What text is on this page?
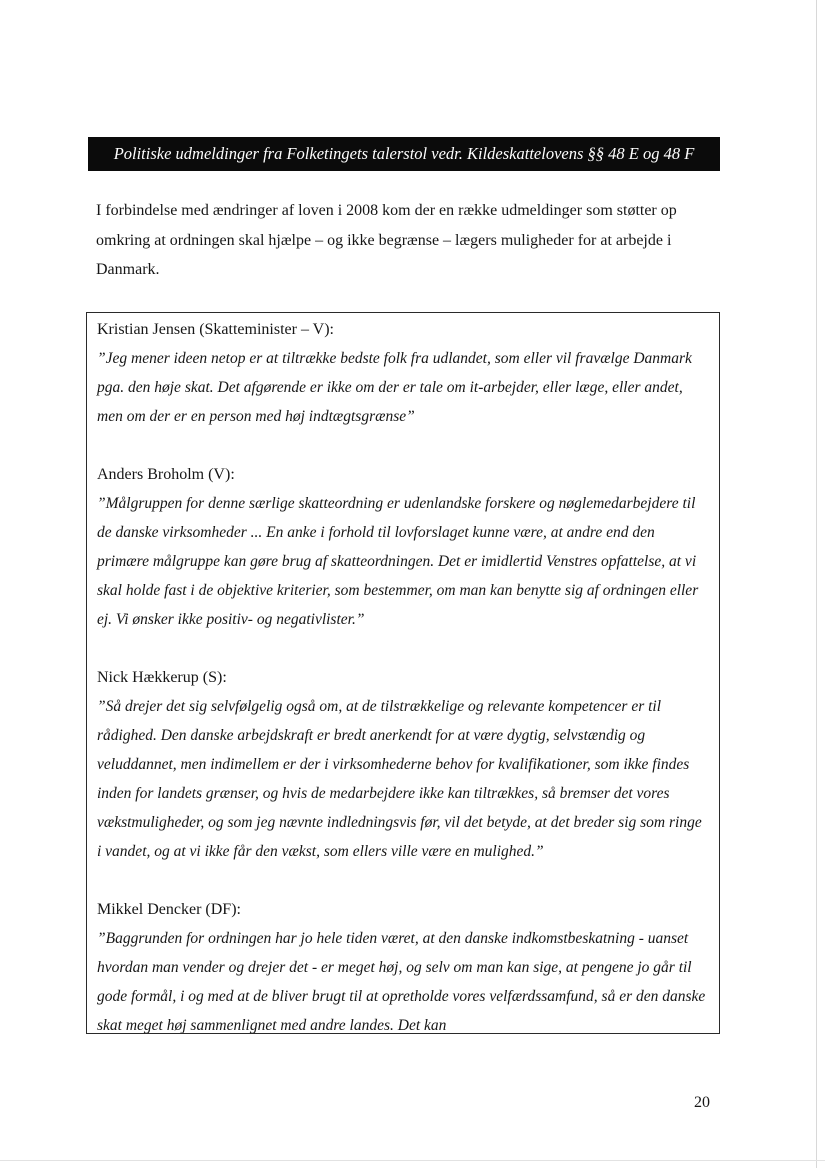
Politiske udmeldinger fra Folketingets talerstol vedr. Kildeskattelovens §§ 48 E og 48 F

I forbindelse med ændringer af loven i 2008 kom der en række udmeldinger som støtter op omkring at ordningen skal hjælpe – og ikke begrænse – lægers muligheder for at arbejde i Danmark.

Kristian Jensen (Skatteminister – V):

”Jeg mener ideen netop er at tiltrække bedste folk fra udlandet, som eller vil fravælge Danmark pga. den høje skat. Det afgørende er ikke om der er tale om it-arbejder, eller læge, eller andet, men om der er en person med høj indtægtsgrænse”

Anders Broholm (V):

”Målgruppen for denne særlige skatteordning er udenlandske forskere og nøglemedarbejdere til de danske virksomheder ... En anke i forhold til lovforslaget kunne være, at andre end den primære målgruppe kan gøre brug af skatteordningen. Det er imidlertid Venstres opfattelse, at vi skal holde fast i de objektive kriterier, som bestemmer, om man kan benytte sig af ordningen eller ej. Vi ønsker ikke positiv- og negativlister.”

Nick Hækkerup (S):

”Så drejer det sig selvfølgelig også om, at de tilstrækkelige og relevante kompetencer er til rådighed. Den danske arbejdskraft er bredt anerkendt for at være dygtig, selvstændig og veluddannet, men indimellem er der i virksomhederne behov for kvalifikationer, som ikke findes inden for landets grænser, og hvis de medarbejdere ikke kan tiltrækkes, så bremser det vores vækstmuligheder, og som jeg nævnte indledningsvis før, vil det betyde, at det breder sig som ringe i vandet, og at vi ikke får den vækst, som ellers ville være en mulighed.”

Mikkel Dencker (DF):

”Baggrunden for ordningen har jo hele tiden været, at den danske indkomstbeskatning - uanset hvordan man vender og drejer det - er meget høj, og selv om man kan sige, at pengene jo går til gode formål, i og med at de bliver brugt til at opretholde vores velfærdssamfund, så er den danske skat meget høj sammenlignet med andre landes. Det kan

20
